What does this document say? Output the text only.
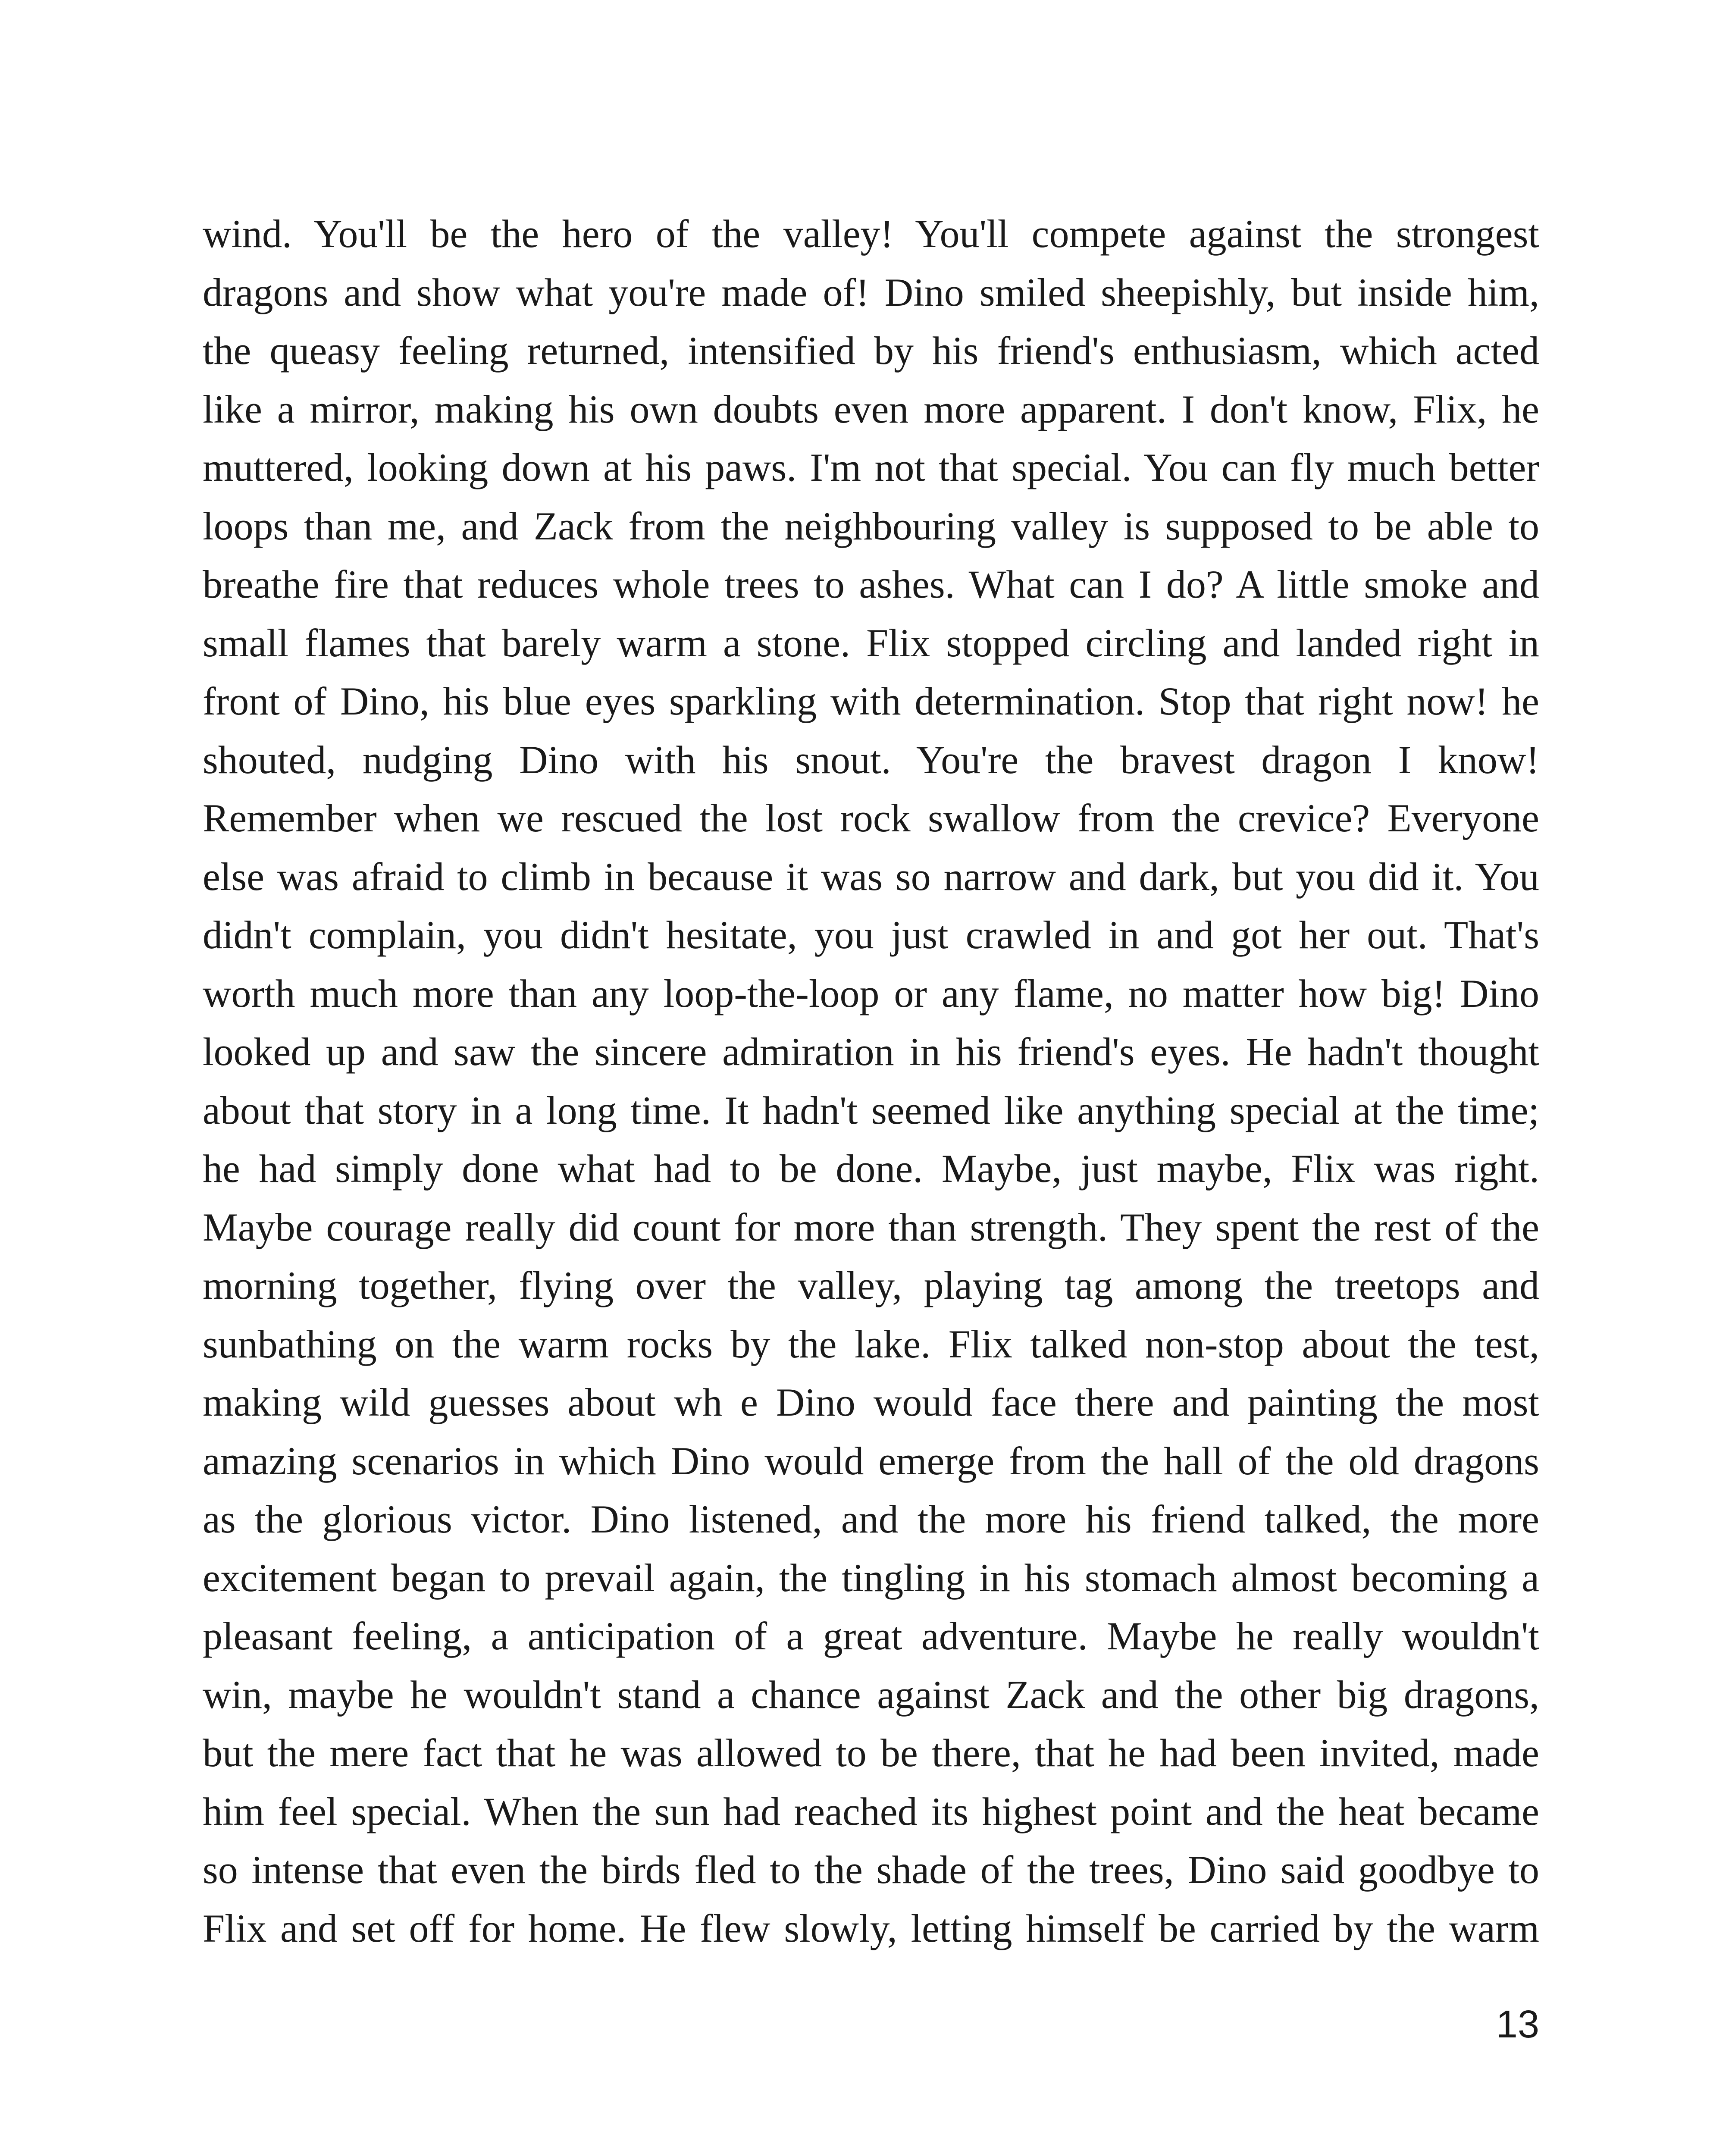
wind. You'll be the hero of the valley! You'll compete against the strongest
dragons and show what you're made of! Dino smiled sheepishly, but inside him,
the queasy feeling returned, intensified by his friend's enthusiasm, which acted
like a mirror, making his own doubts even more apparent. I don't know, Flix, he
muttered, looking down at his paws. I'm not that special. You can fly much better
loops than me, and Zack from the neighbouring valley is supposed to be able to
breathe fire that reduces whole trees to ashes. What can I do? A little smoke and
small flames that barely warm a stone. Flix stopped circling and landed right in
front of Dino, his blue eyes sparkling with determination. Stop that right now! he
shouted, nudging Dino with his snout. You're the bravest dragon I know!
Remember when we rescued the lost rock swallow from the crevice? Everyone
else was afraid to climb in because it was so narrow and dark, but you did it. You
didn't complain, you didn't hesitate, you just crawled in and got her out. That's
worth much more than any loop-the-loop or any flame, no matter how big! Dino
looked up and saw the sincere admiration in his friend's eyes. He hadn't thought
about that story in a long time. It hadn't seemed like anything special at the time;
he had simply done what had to be done. Maybe, just maybe, Flix was right.
Maybe courage really did count for more than strength. They spent the rest of the
morning together, flying over the valley, playing tag among the treetops and
sunbathing on the warm rocks by the lake. Flix talked non-stop about the test,
making wild guesses about wh e Dino would face there and painting the most
amazing scenarios in which Dino would emerge from the hall of the old dragons
as the glorious victor. Dino listened, and the more his friend talked, the more
excitement began to prevail again, the tingling in his stomach almost becoming a
pleasant feeling, a anticipation of a great adventure. Maybe he really wouldn't
win, maybe he wouldn't stand a chance against Zack and the other big dragons,
but the mere fact that he was allowed to be there, that he had been invited, made
him feel special. When the sun had reached its highest point and the heat became
so intense that even the birds fled to the shade of the trees, Dino said goodbye to
Flix and set off for home. He flew slowly, letting himself be carried by the warm
13
